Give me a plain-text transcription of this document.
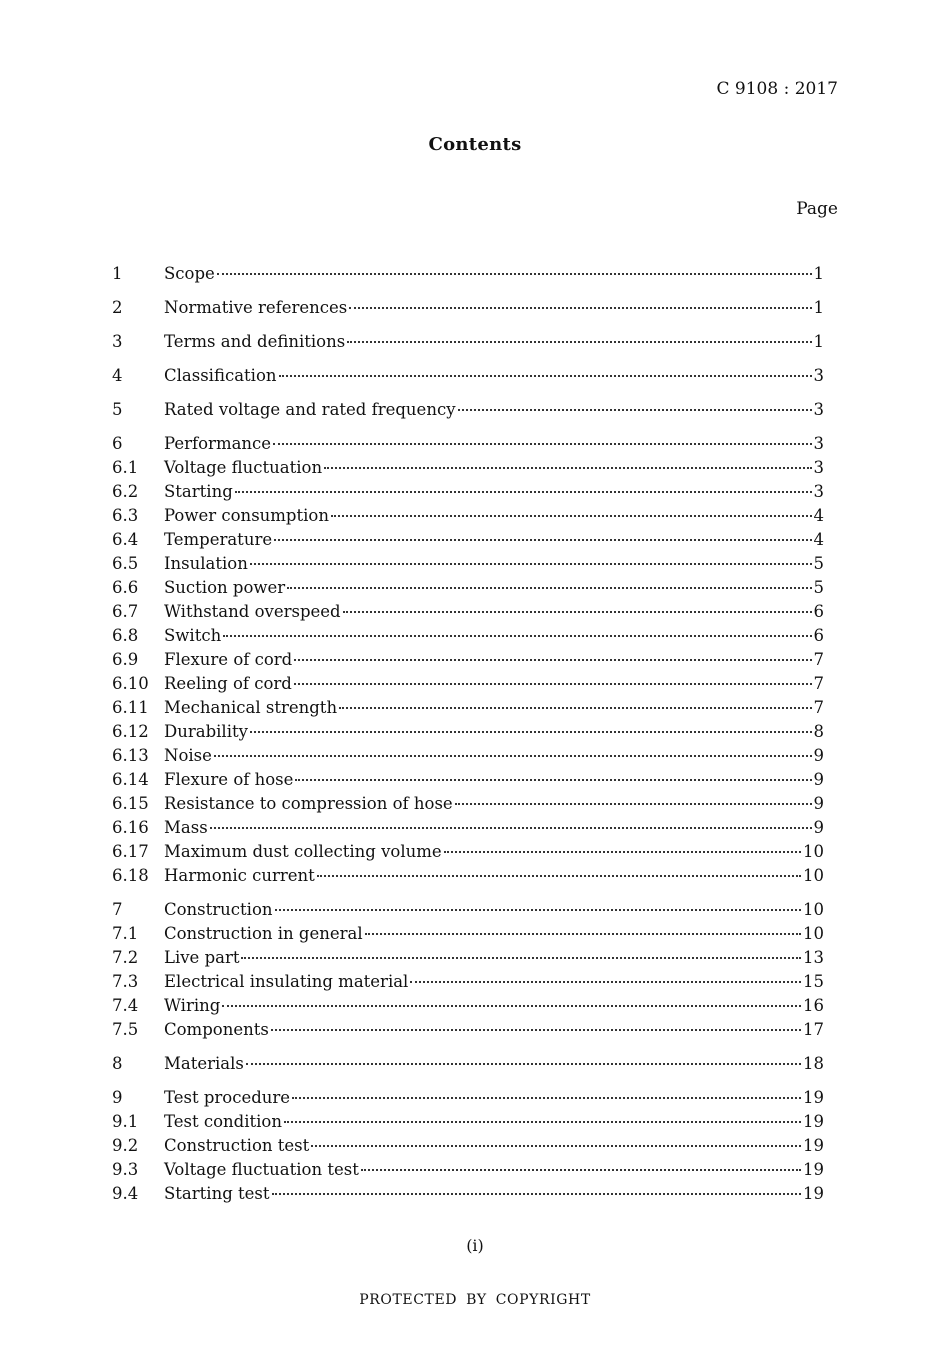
C 9108 : 2017
Contents
Page
1	Scope	1
2	Normative references	1
3	Terms and definitions	1
4	Classification	3
5	Rated voltage and rated frequency	3
6	Performance	3
6.1	Voltage fluctuation	3
6.2	Starting	3
6.3	Power consumption	4
6.4	Temperature	4
6.5	Insulation	5
6.6	Suction power	5
6.7	Withstand overspeed	6
6.8	Switch	6
6.9	Flexure of cord	7
6.10 Reeling of cord	7
6.11 Mechanical strength	7
6.12 Durability	8
6.13 Noise	9
6.14 Flexure of hose	9
6.15 Resistance to compression of hose	9
6.16 Mass	9
6.17 Maximum dust collecting volume	10
6.18 Harmonic current	10
7	Construction	10
7.1	Construction in general	10
7.2	Live part	13
7.3	Electrical insulating material	15
7.4	Wiring	16
7.5	Components	17
8	Materials	18
9	Test procedure	19
9.1	Test condition	19
9.2	Construction test	19
9.3	Voltage fluctuation test	19
9.4	Starting test	19
(i)
PROTECTED BY COPYRIGHT
